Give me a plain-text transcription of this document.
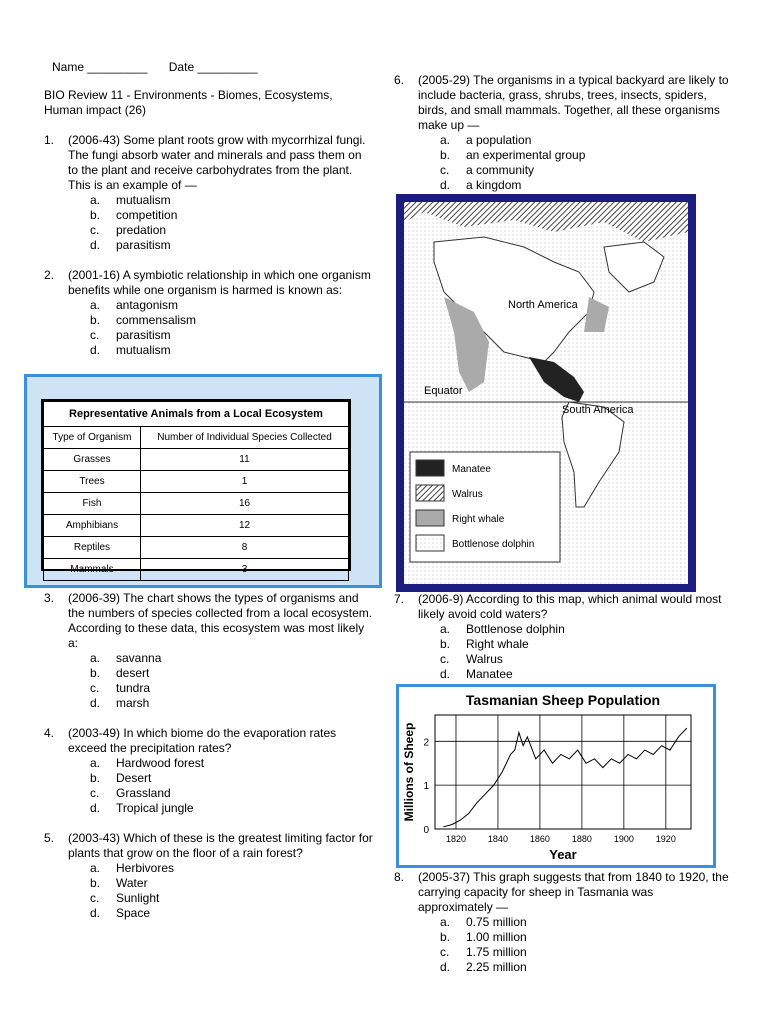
Name _________ Date _________
BIO Review 11 - Environments - Biomes, Ecosystems, Human impact (26)
1. (2006-43) Some plant roots grow with mycorrhizal fungi. The fungi absorb water and minerals and pass them on to the plant and receive carbohydrates from the plant. This is an example of —
a. mutualism
b. competition
c. predation
d. parasitism
2. (2001-16) A symbiotic relationship in which one organism benefits while one organism is harmed is known as:
a. antagonism
b. commensalism
c. parasitism
d. mutualism
Representative Animals from a Local Ecosystem	
Type of Organism	Number of Individual Species Collected
Grasses	11
Trees	1
Fish	16
Amphibians	12
Reptiles	8
Mammals	3
3. (2006-39) The chart shows the types of organisms and the numbers of species collected from a local ecosystem. According to these data, this ecosystem was most likely a:
a. savanna
b. desert
c. tundra
d. marsh
4. (2003-49) In which biome do the evaporation rates exceed the precipitation rates?
a. Hardwood forest
b. Desert
c. Grassland
d. Tropical jungle
5. (2003-43) Which of these is the greatest limiting factor for plants that grow on the floor of a rain forest?
a. Herbivores
b. Water
c. Sunlight
d. Space
6. (2005-29) The organisms in a typical backyard are likely to include bacteria, grass, shrubs, trees, insects, spiders, birds, and small mammals. Together, all these organisms make up —
a. a population
b. an experimental group
c. a community
d. a kingdom
North America
Equator
South America
Manatee
Walrus
Right whale
Bottlenose dolphin
7. (2006-9) According to this map, which animal would most likely avoid cold waters?
a. Bottlenose dolphin
b. Right whale
c. Walrus
d. Manatee
0
1
2
1820 1840 1860 1880 1900 1920
Tasmanian Sheep Population
Year
Millions of Sheep
8. (2005-37) This graph suggests that from 1840 to 1920, the carrying capacity for sheep in Tasmania was approximately —
a. 0.75 million
b. 1.00 million
c. 1.75 million
d. 2.25 million
